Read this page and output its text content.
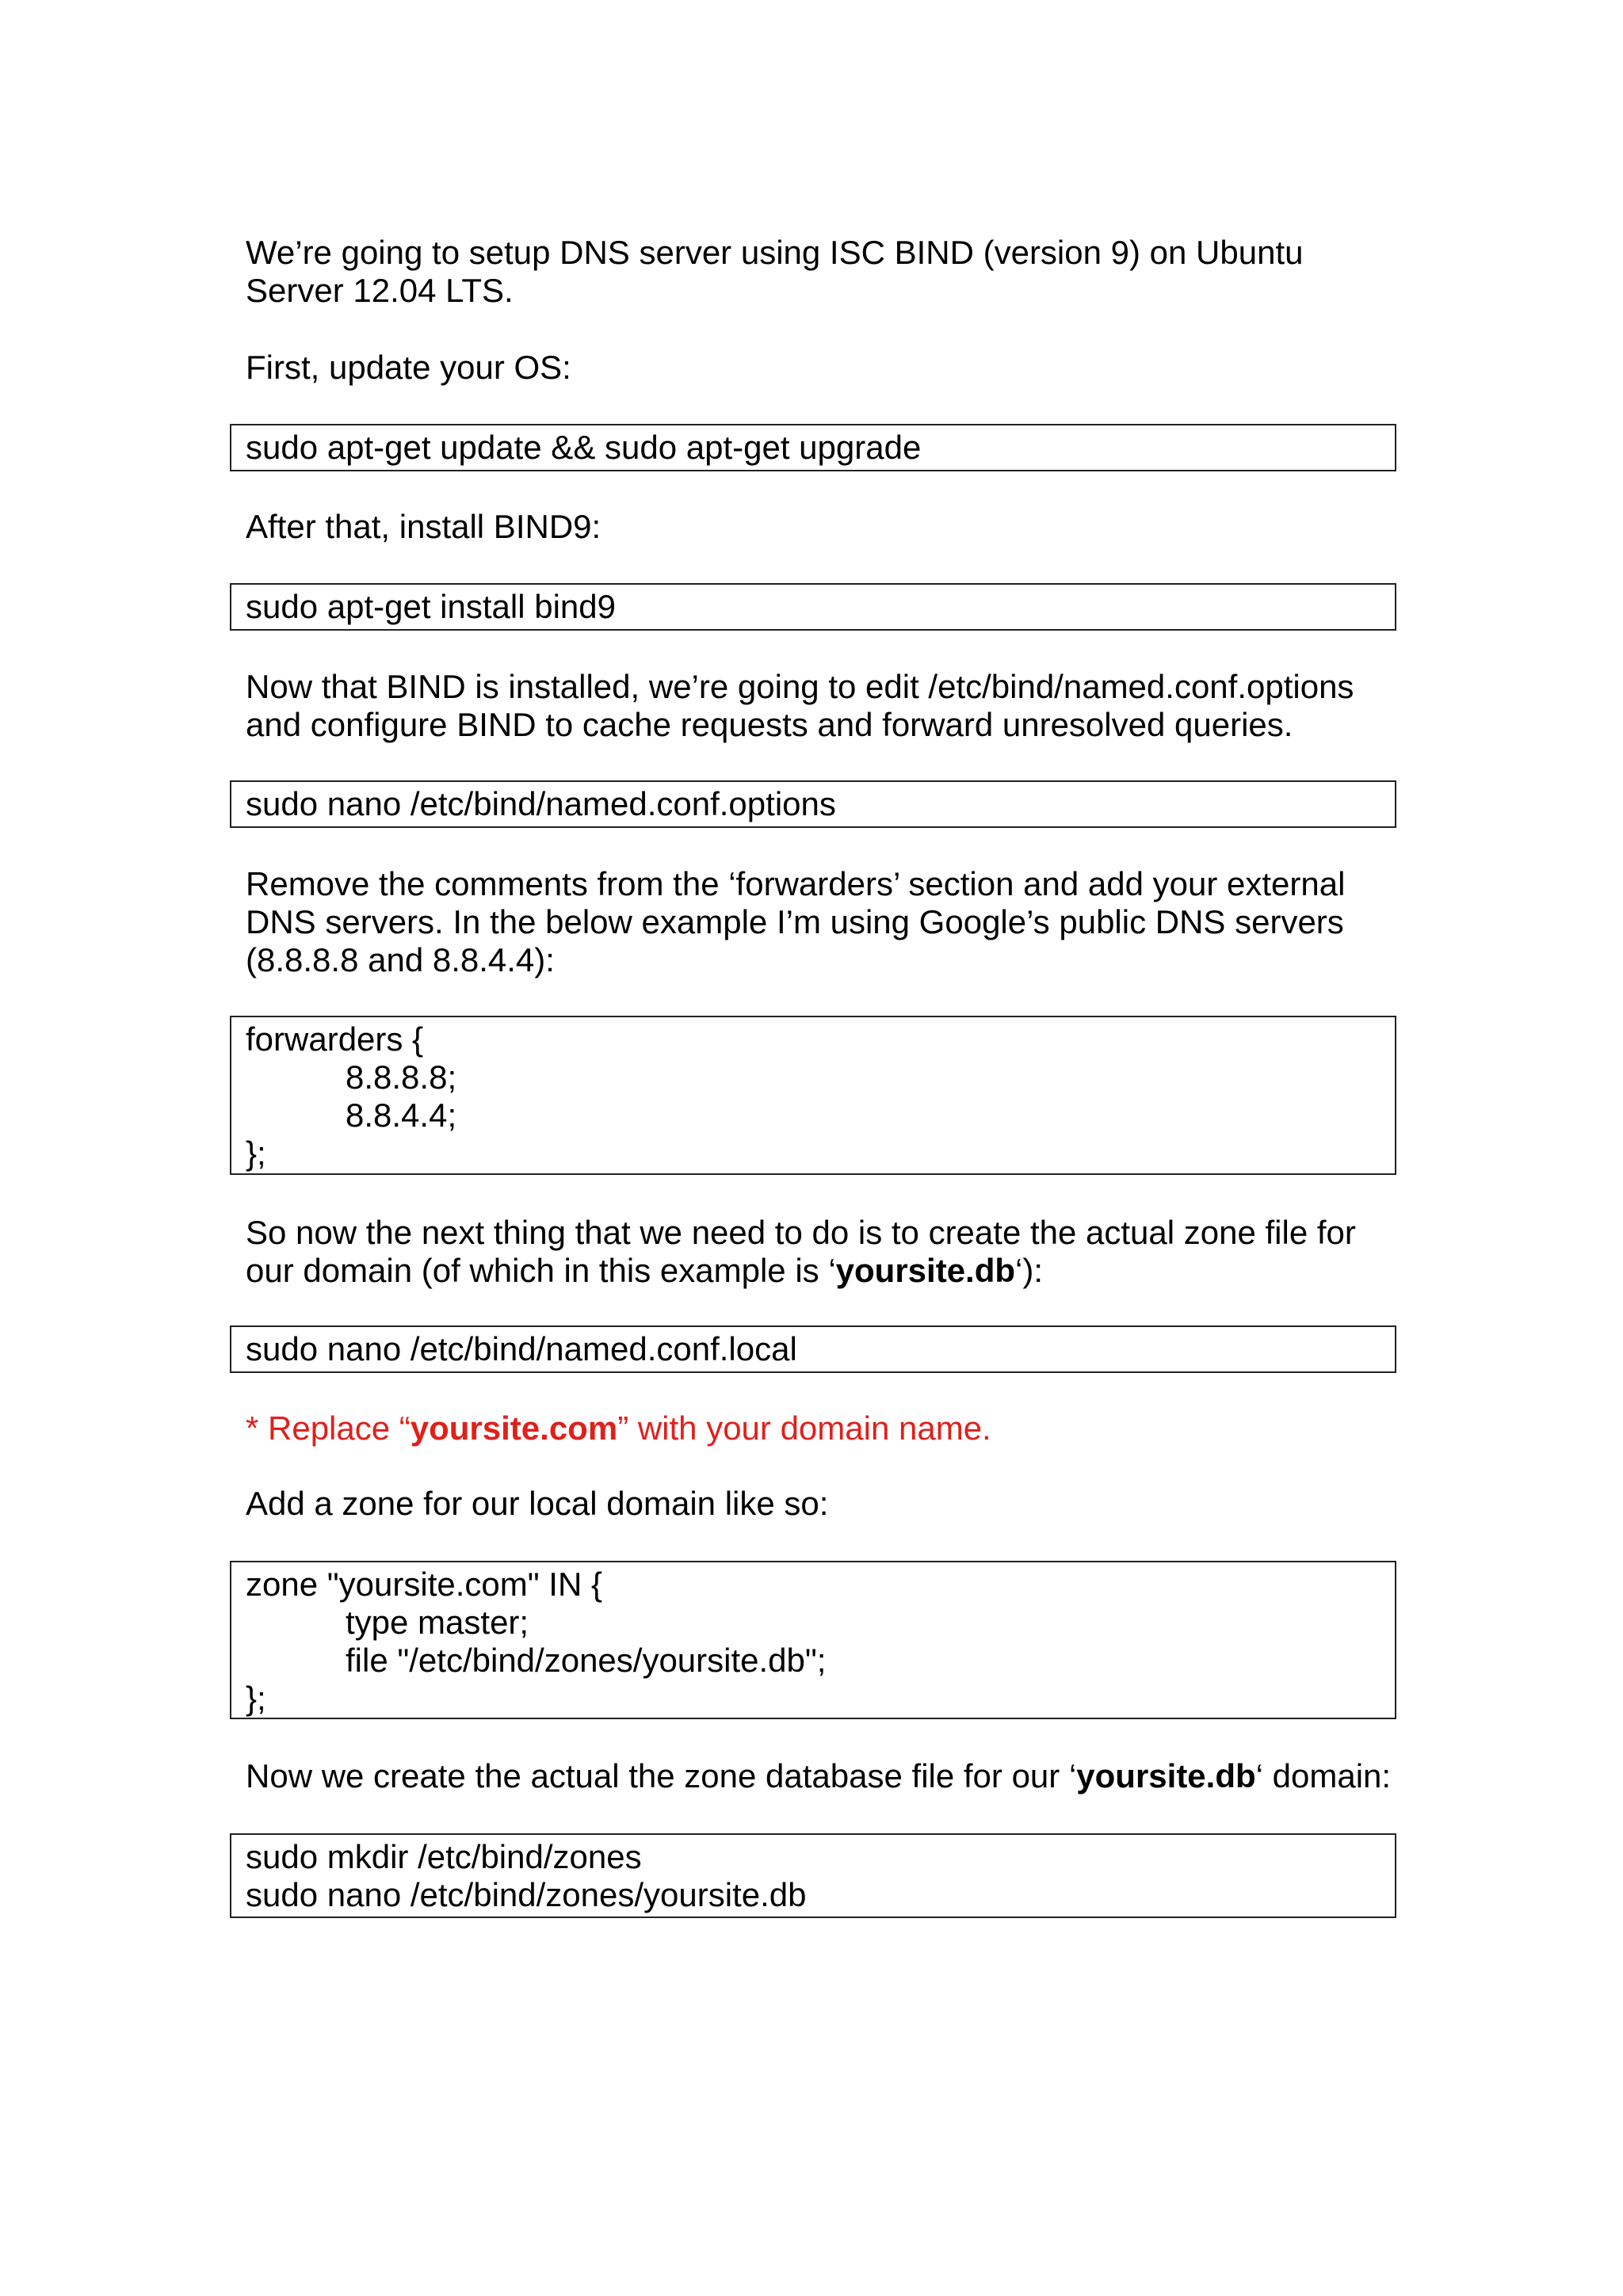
We’re going to setup DNS server using ISC BIND (version 9) on Ubuntu
Server 12.04 LTS.

First, update your OS:

sudo apt-get update && sudo apt-get upgrade

After that, install BIND9:

sudo apt-get install bind9

Now that BIND is installed, we’re going to edit /etc/bind/named.conf.options
and configure BIND to cache requests and forward unresolved queries.

sudo nano /etc/bind/named.conf.options

Remove the comments from the ‘forwarders’ section and add your external
DNS servers. In the below example I’m using Google’s public DNS servers
(8.8.8.8 and 8.8.4.4):

forwarders {
8.8.8.8;
8.8.4.4;
};

So now the next thing that we need to do is to create the actual zone file for
our domain (of which in this example is ‘yoursite.db‘):

sudo nano /etc/bind/named.conf.local

* Replace “yoursite.com” with your domain name.

Add a zone for our local domain like so:

zone "yoursite.com" IN {
type master;
file "/etc/bind/zones/yoursite.db";
};

Now we create the actual the zone database file for our ‘yoursite.db‘ domain:

sudo mkdir /etc/bind/zones
sudo nano /etc/bind/zones/yoursite.db
